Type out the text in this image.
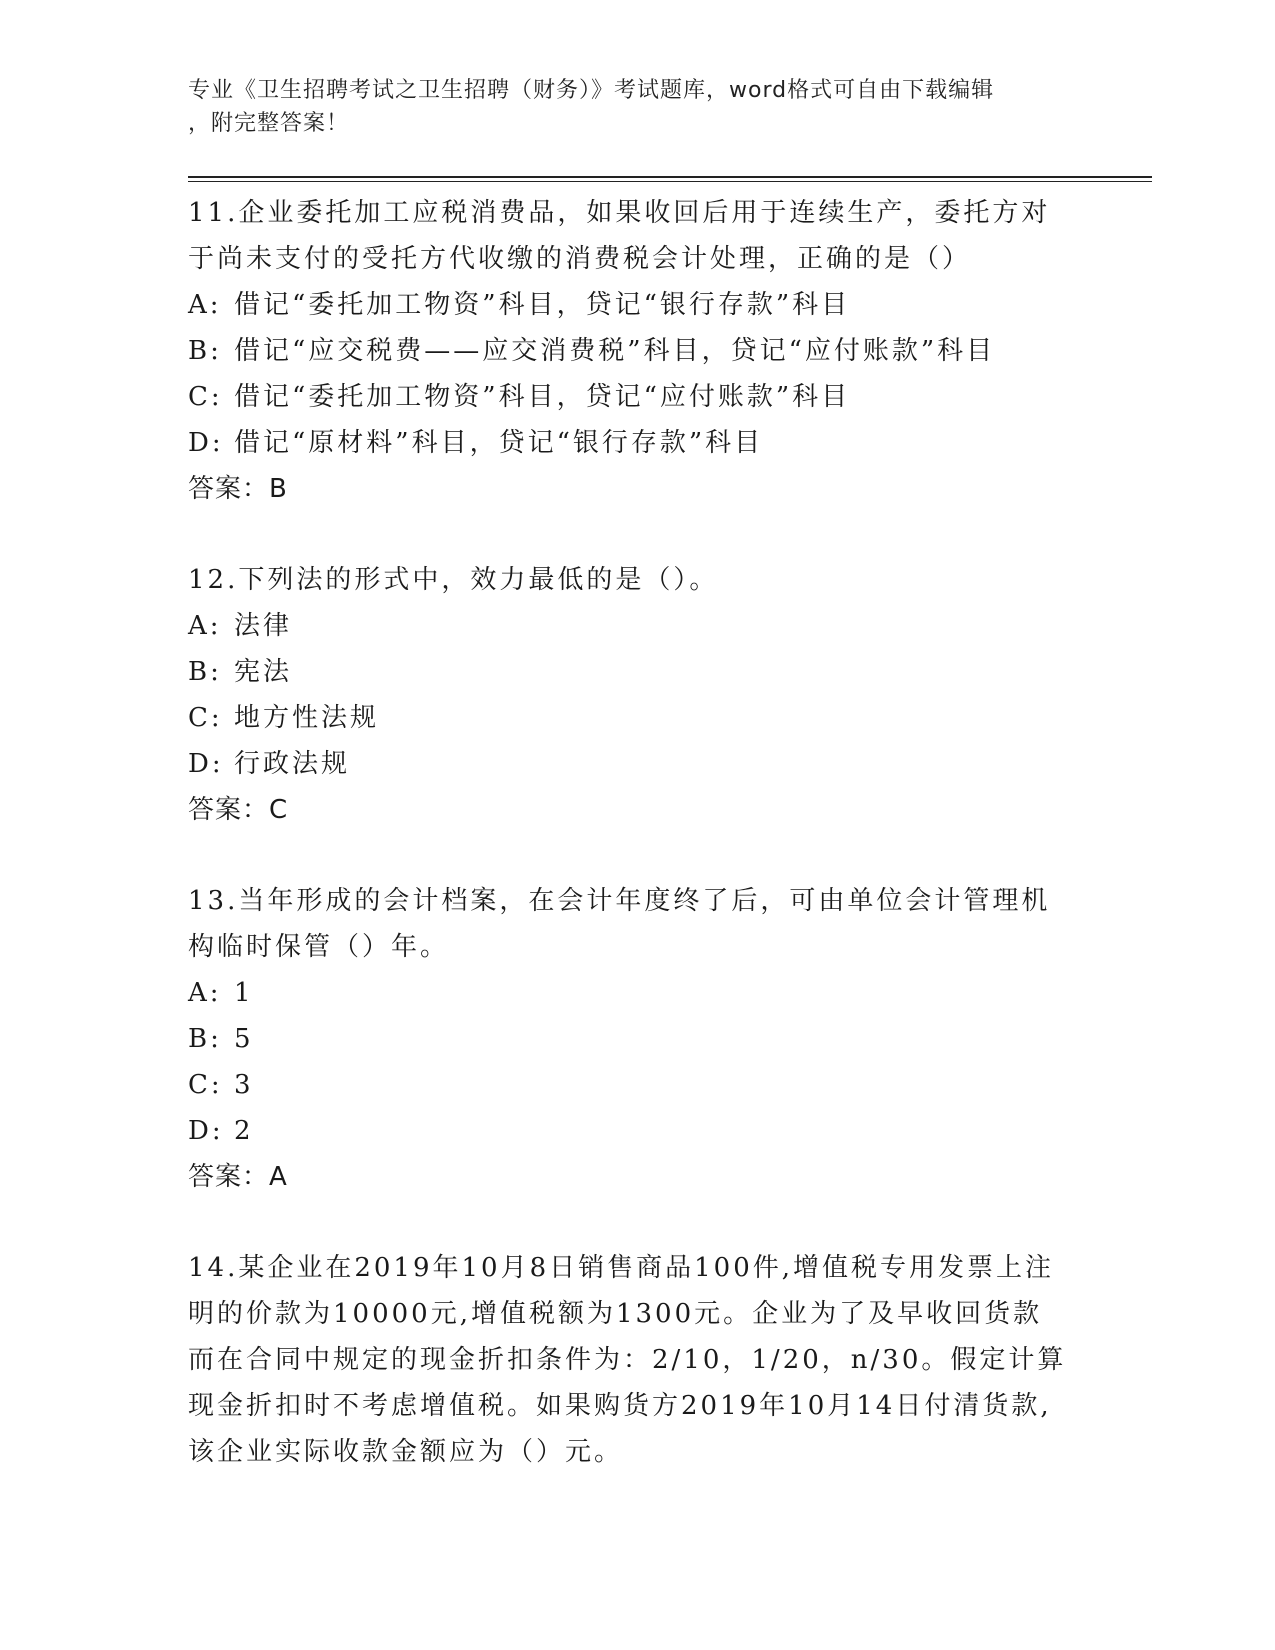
专业《卫生招聘考试之卫生招聘（财务）》考试题库，word格式可自由下载编辑
，附完整答案！

11.企业委托加工应税消费品，如果收回后用于连续生产，委托方对于尚未支付的受托方代收缴的消费税会计处理，正确的是（）

A: 借记“委托加工物资”科目，贷记“银行存款”科目

B: 借记“应交税费——应交消费税”科目，贷记“应付账款”科目

C: 借记“委托加工物资”科目，贷记“应付账款”科目

D: 借记“原材料”科目，贷记“银行存款”科目

答案：B

12.下列法的形式中，效力最低的是（）。

A: 法律

B: 宪法

C: 地方性法规

D: 行政法规

答案：C

13.当年形成的会计档案，在会计年度终了后，可由单位会计管理机构临时保管（）年。

A: 1

B: 5

C: 3

D: 2

答案：A

14.某企业在2019年10月8日销售商品100件,增值税专用发票上注明的价款为10000元,增值税额为1300元。企业为了及早收回货款而在合同中规定的现金折扣条件为：2/10，1/20，n/30。假定计算现金折扣时不考虑增值税。如果购货方2019年10月14日付清货款,该企业实际收款金额应为（）元。
